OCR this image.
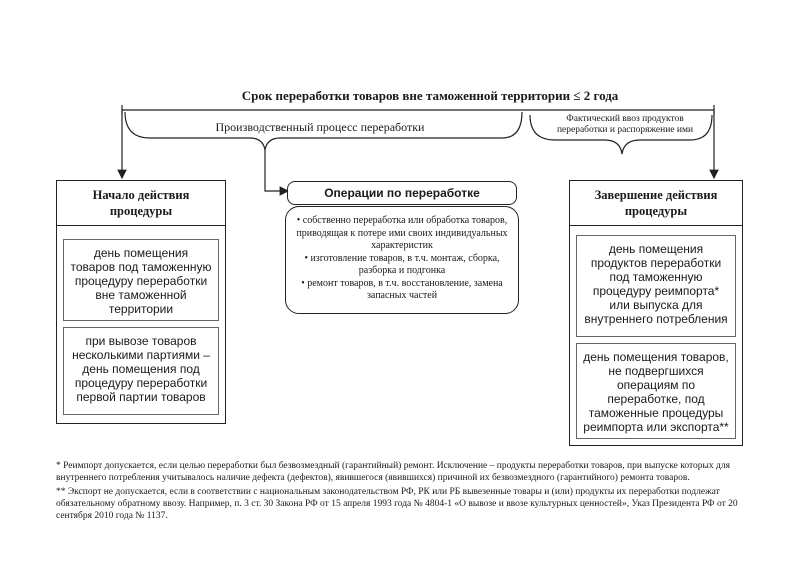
Срок переработки товаров вне таможенной территории ≤ 2 года
Производственный процесс переработки
Фактический ввоз продуктов переработки и распоряжение ими
Начало действия процедуры
день помещения товаров под таможенную процедуру переработки вне таможенной территории
при вывозе товаров несколькими партиями – день помещения под процедуру переработки первой партии товаров
Операции по переработке
• собственно переработка или обработка товаров, приводящая к потере ими своих индивидуальных характеристик
• изготовление товаров, в т.ч. монтаж, сборка, разборка и подгонка
• ремонт товаров, в т.ч. восстановление, замена запасных частей
Завершение действия процедуры
день помещения продуктов переработки под таможенную процедуру реимпорта* или выпуска для внутреннего потребления
день помещения товаров, не подвергшихся операциям по переработке, под таможенные процедуры реимпорта или экспорта**

* Реимпорт допускается, если целью переработки был безвозмездный (гарантийный) ремонт. Исключение – продукты переработки товаров, при выпуске которых для внутреннего потребления учитывалось наличие дефекта (дефектов), явившегося (явившихся) причиной их безвозмездного (гарантийного) ремонта товаров.

** Экспорт не допускается, если в соответствии с национальным законодательством РФ, РК или РБ вывезенные товары и (или) продукты их переработки подлежат обязательному обратному ввозу. Например, п. 3 ст. 30 Закона РФ от 15 апреля 1993 года № 4804-1 «О вывозе и ввозе культурных ценностей», Указ Президента РФ от 20 сентября 2010 года № 1137.
